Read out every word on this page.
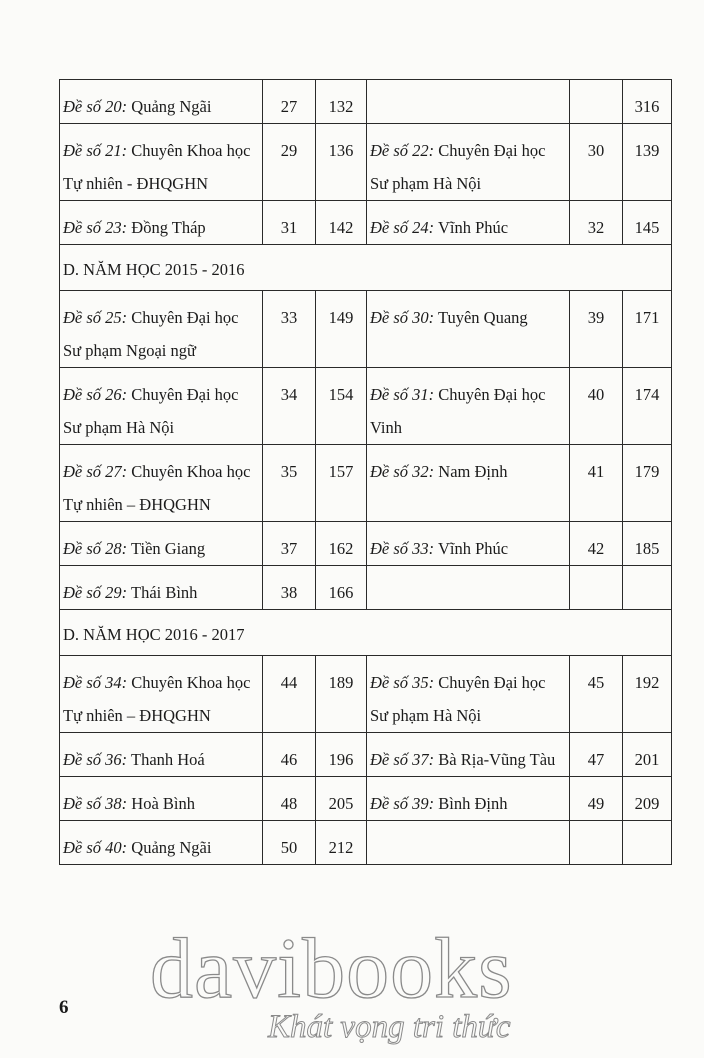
Đề số 20: Quảng Ngãi	27	132			316
Đề số 21: Chuyên Khoa học Tự nhiên - ĐHQGHN	29	136	Đề số 22: Chuyên Đại học Sư phạm Hà Nội	30	139
Đề số 23: Đồng Tháp	31	142	Đề số 24: Vĩnh Phúc	32	145
D. NĂM HỌC 2015 - 2016					
Đề số 25: Chuyên Đại học Sư phạm Ngoại ngữ	33	149	Đề số 30: Tuyên Quang	39	171
Đề số 26: Chuyên Đại học Sư phạm Hà Nội	34	154	Đề số 31: Chuyên Đại học Vinh	40	174
Đề số 27: Chuyên Khoa học Tự nhiên – ĐHQGHN	35	157	Đề số 32: Nam Định	41	179
Đề số 28: Tiền Giang	37	162	Đề số 33: Vĩnh Phúc	42	185
Đề số 29: Thái Bình	38	166			
D. NĂM HỌC 2016 - 2017					
Đề số 34: Chuyên Khoa học Tự nhiên – ĐHQGHN	44	189	Đề số 35: Chuyên Đại học Sư phạm Hà Nội	45	192
Đề số 36: Thanh Hoá	46	196	Đề số 37: Bà Rịa-Vũng Tàu	47	201
Đề số 38: Hoà Bình	48	205	Đề số 39: Bình Định	49	209
Đề số 40: Quảng Ngãi	50	212			
6 davibooks
Khát vọng tri thức
